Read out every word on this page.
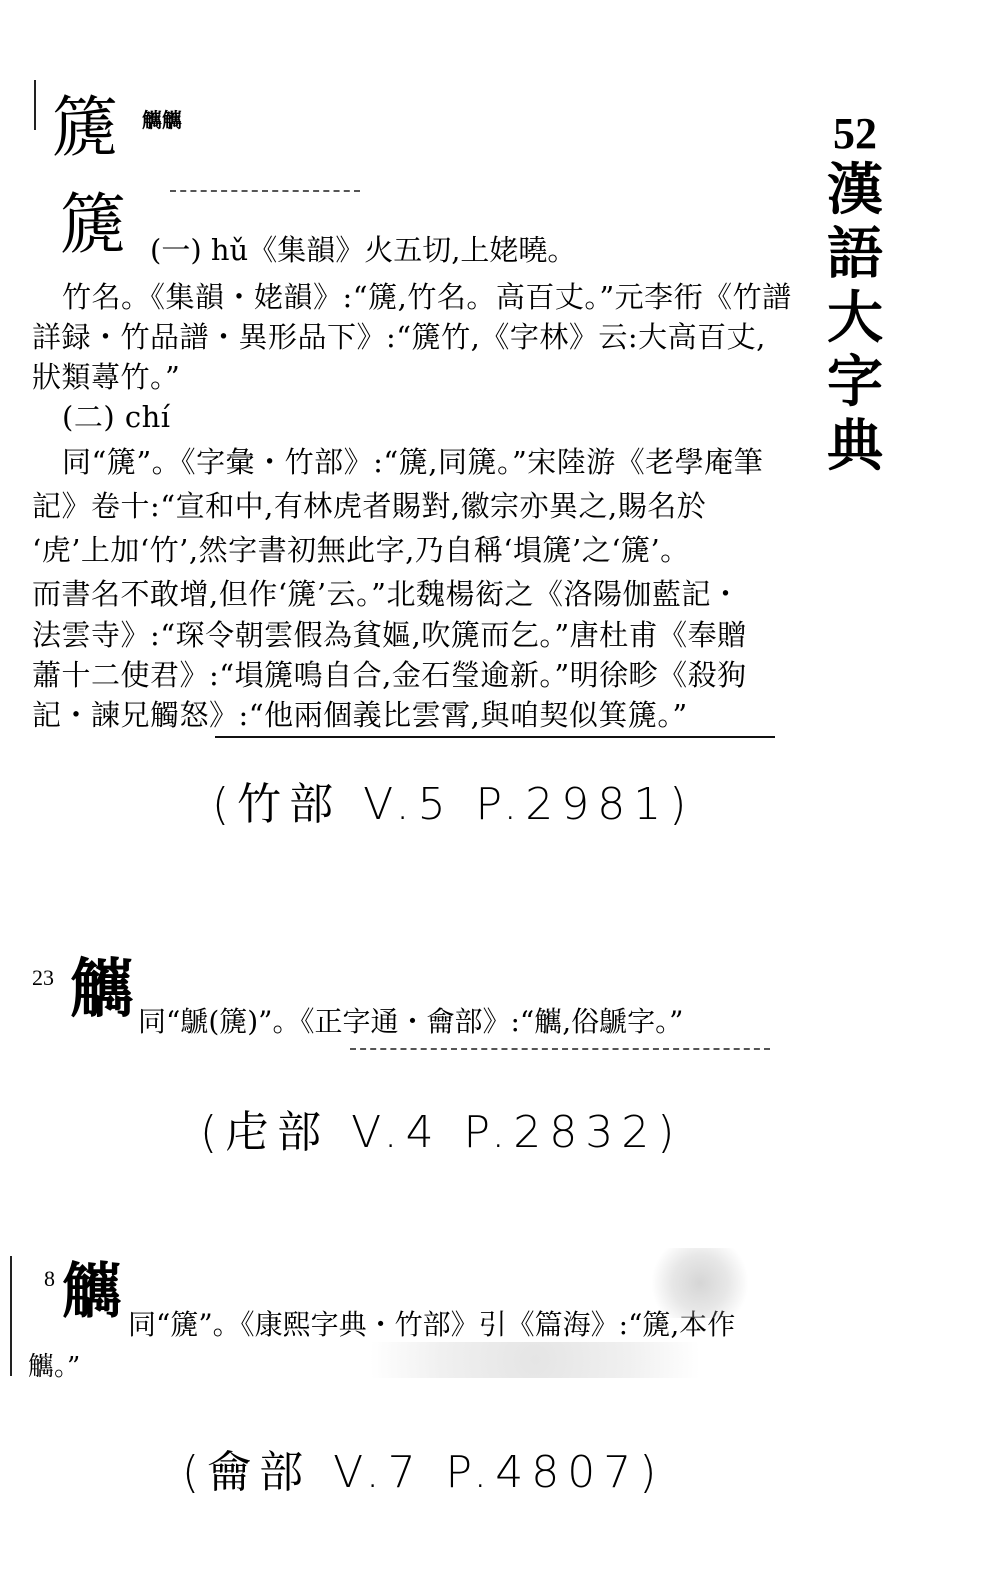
篪 觽觽
篪 (一) hǔ《集韻》火五切,上姥曉。
竹名。《集韻・姥韻》:“篪,竹名。高百丈。”元李衎《竹譜
詳録・竹品譜・異形品下》:“篪竹,《字林》云:大高百丈,
狀類蕁竹。”
(二) chí
同“篪”。《字彙・竹部》:“篪,同篪。”宋陸游《老學庵筆
記》卷十:“宣和中,有林虎者賜對,徽宗亦異之,賜名於
‘虎’上加‘竹’,然字書初無此字,乃自稱‘塤篪’之‘篪’。
而書名不敢增,但作‘篪’云。”北魏楊衒之《洛陽伽藍記・
法雲寺》:“琛令朝雲假為貧嫗,吹篪而乞。”唐杜甫《奉贈
蕭十二使君》:“塤篪鳴自合,金石瑩逾新。”明徐畛《殺狗
記・諫兄觸怒》:“他兩個義比雲霄,與咱契似箕篪。”
(竹部 V.5 P.2981)
52
漢
語
大
字
典
23 觽 同“鷈(篪)”。《正字通・龠部》:“觽,俗鷈字。”
(虍部 V.4 P.2832)
8 觽 同“篪”。《康熙字典・竹部》引《篇海》:“篪,本作
觽。”
(龠部 V.7 P.4807)
